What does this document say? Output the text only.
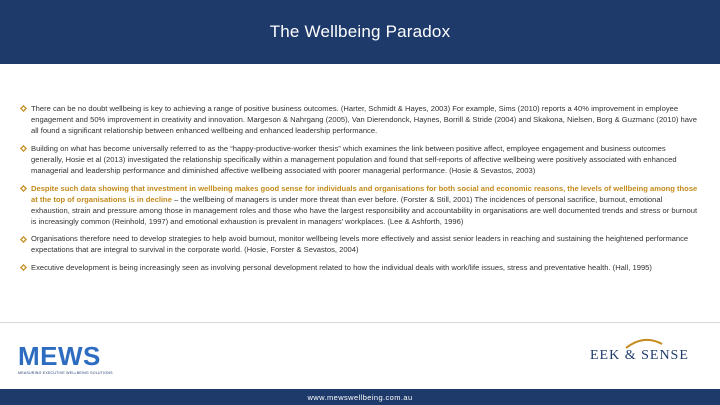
The Wellbeing Paradox

There can be no doubt wellbeing is key to achieving a range of positive business outcomes. (Harter, Schmidt & Hayes, 2003) For example, Sims (2010) reports a 40% improvement in employee engagement and 50% improvement in creativity and innovation. Margeson & Nahrgang (2005), Van Dierendonck, Haynes, Borrill & Stride (2004) and Skakona, Nielsen, Borg & Guzmanc (2010) have all found a significant relationship between enhanced wellbeing and enhanced leadership performance.

Building on what has become universally referred to as the “happy-productive-worker thesis” which examines the link between positive affect, employee engagement and business outcomes generally, Hosie et al (2013) investigated the relationship specifically within a management population and found that self-reports of affective wellbeing were positively associated with enhanced managerial and leadership performance and diminished affective wellbeing associated with poorer managerial performance. (Hosie & Sevastos, 2003)

Despite such data showing that investment in wellbeing makes good sense for individuals and organisations for both social and economic reasons, the levels of wellbeing among those at the top of organisations is in decline – the wellbeing of managers is under more threat than ever before. (Forster & Still, 2001) The incidences of personal sacrifice, burnout, emotional exhaustion, strain and pressure among those in management roles and those who have the largest responsibility and accountability in organisations are well documented trends and stress or burnout is increasingly common (Reinhold, 1997) and emotional exhaustion is prevalent in managers’ workplaces. (Lee & Ashforth, 1996)

Organisations therefore need to develop strategies to help avoid burnout, monitor wellbeing levels more effectively and assist senior leaders in reaching and sustaining the heightened performance expectations that are integral to survival in the corporate world. (Hosie, Forster & Sevastos, 2004)

Executive development is being increasingly seen as involving personal development related to how the individual deals with work/life issues, stress and preventative health. (Hall, 1995)

MEWS
MEASURING EXECUTIVE WELLBEING SOLUTIONS
EEK & SENSE
www.mewswellbeing.com.au
